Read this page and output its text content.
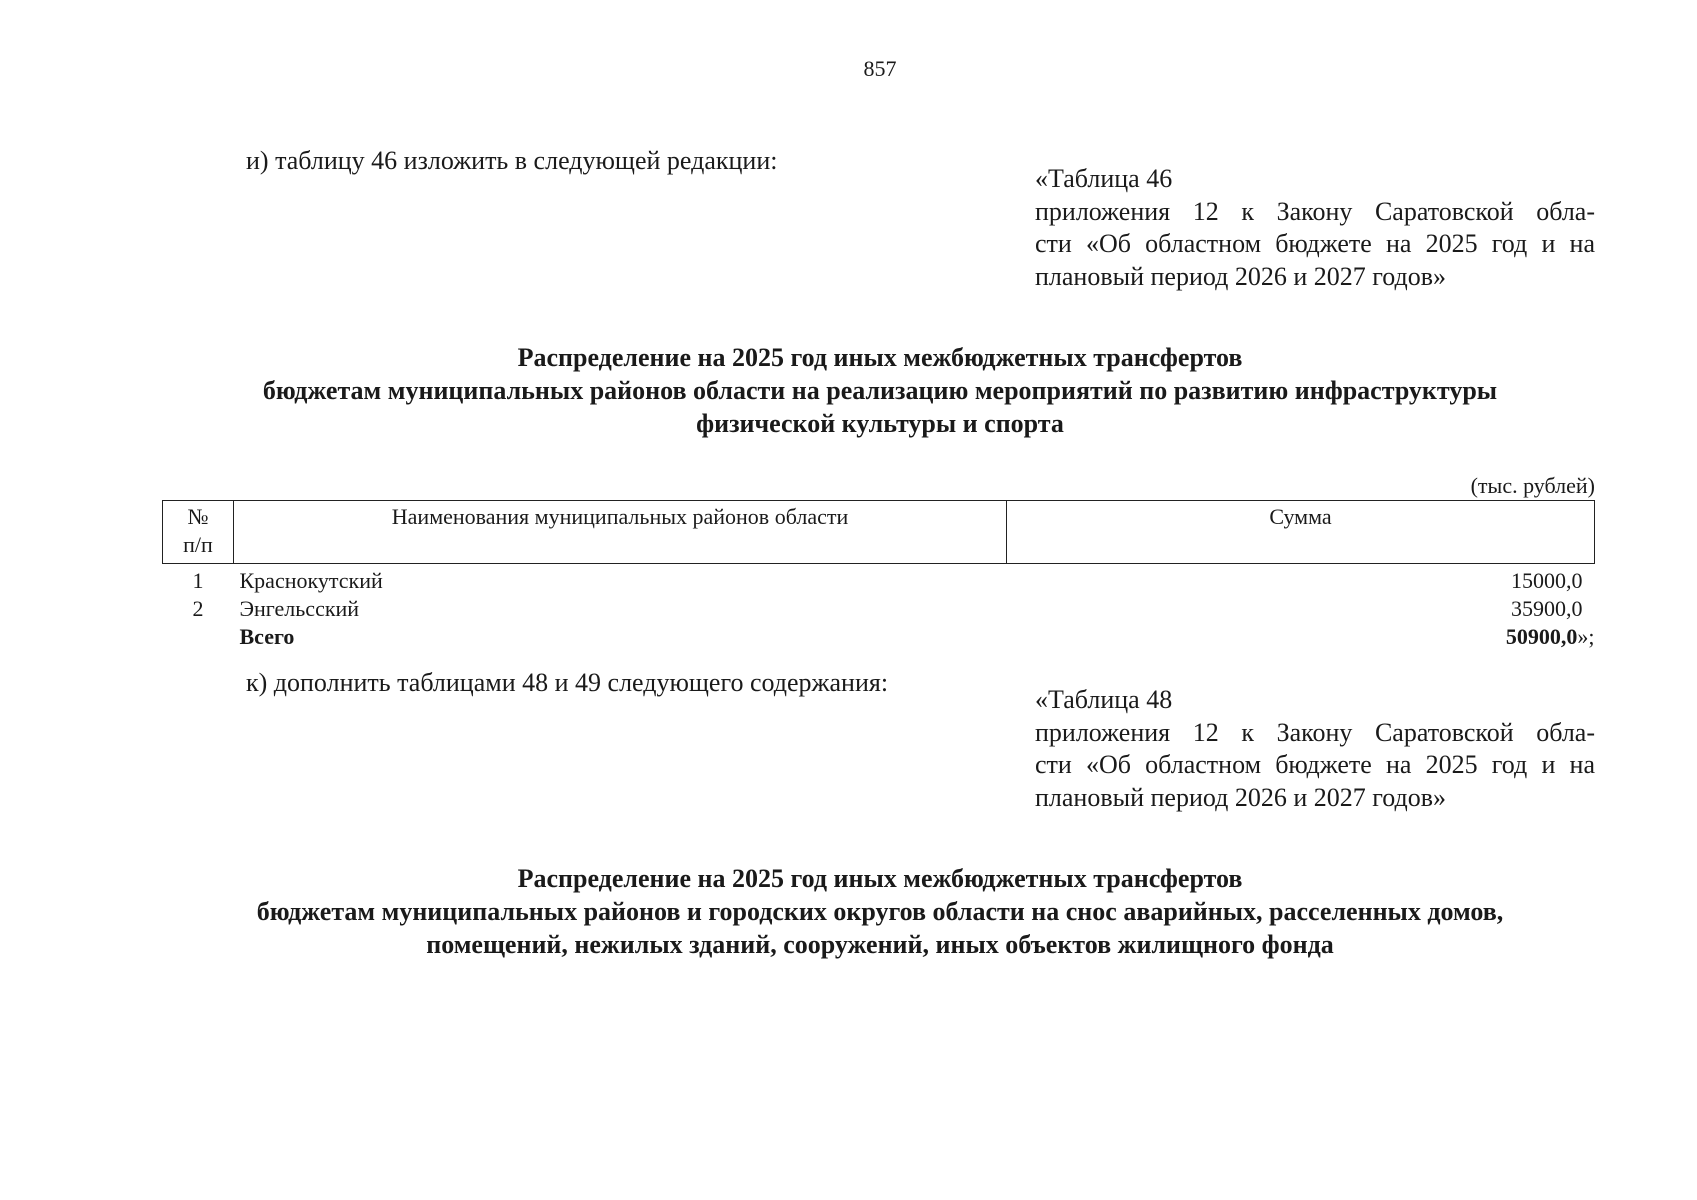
857
и) таблицу 46 изложить в следующей редакции:
«Таблица 46
приложения 12 к Закону Саратовской обла-
сти «Об областном бюджете на 2025 год и на
плановый период 2026 и 2027 годов»
Распределение на 2025 год иных межбюджетных трансфертов
бюджетам муниципальных районов области на реализацию мероприятий по развитию инфраструктуры
физической культуры и спорта
(тыс. рублей)
№
п/п	Наименования муниципальных районов области	Сумма
1	Краснокутский	15000,0
2	Энгельсский	35900,0
	Всего	50900,0»;
к) дополнить таблицами 48 и 49 следующего содержания:
«Таблица 48
приложения 12 к Закону Саратовской обла-
сти «Об областном бюджете на 2025 год и на
плановый период 2026 и 2027 годов»
Распределение на 2025 год иных межбюджетных трансфертов
бюджетам муниципальных районов и городских округов области на снос аварийных, расселенных домов,
помещений, нежилых зданий, сооружений, иных объектов жилищного фонда
